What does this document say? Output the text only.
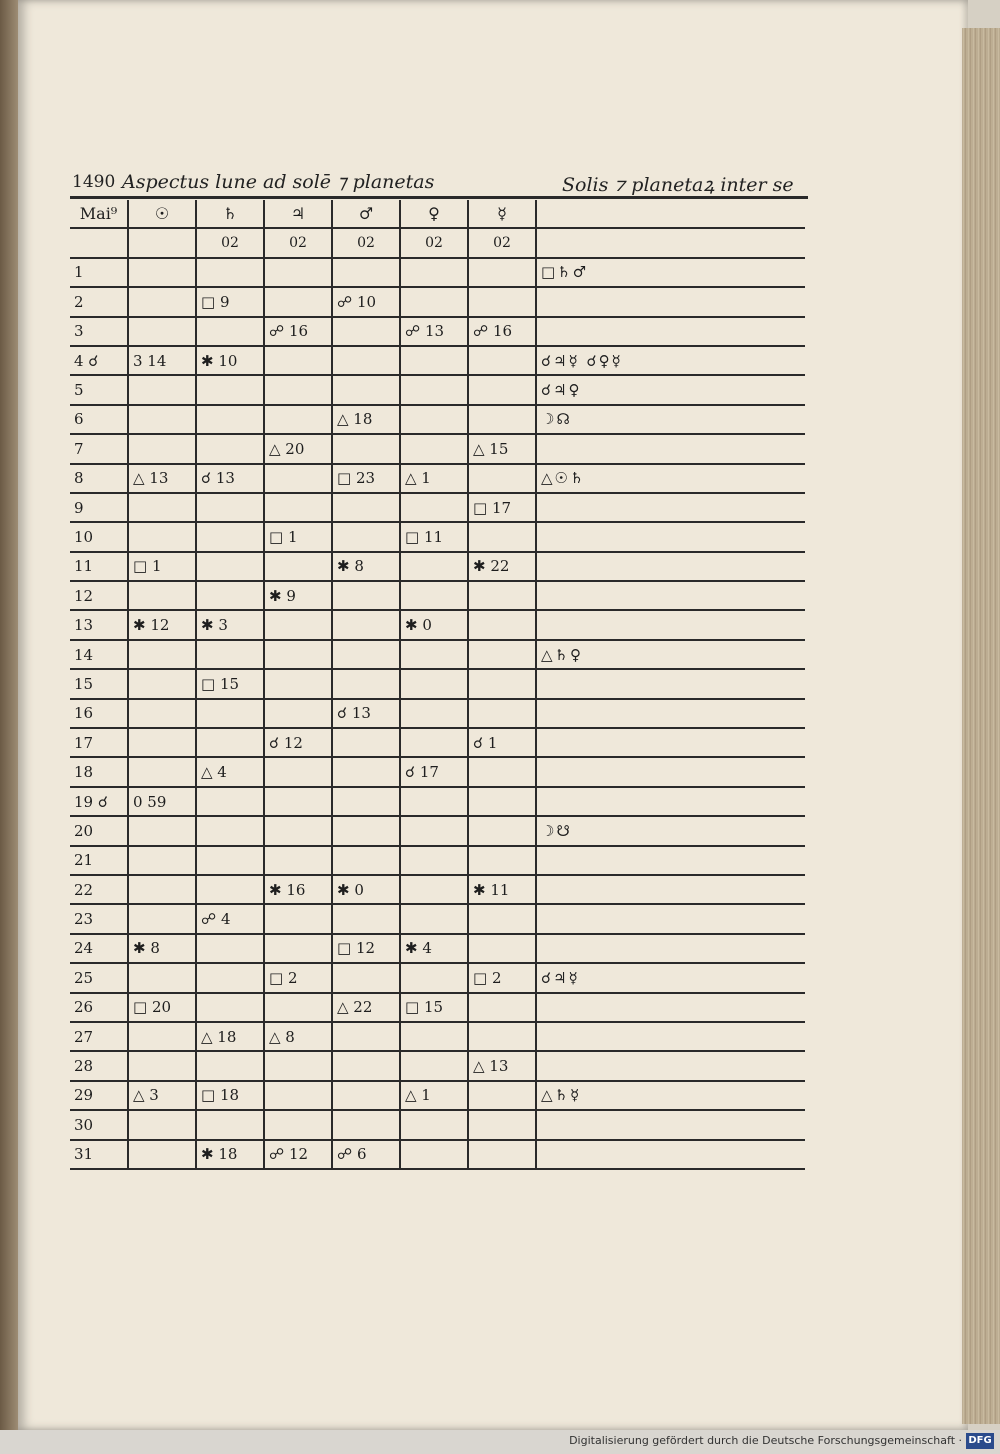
1490 Aspectus lune ad solē ⁊ planetas	Solis ⁊ planetaꝝ inter se
Mai⁹	☉	♄	♃	♂	♀	☿	
		02	02	02	02	02	
1							□♄♂
2		□ 9		☍ 10			
3			☍ 16		☍ 13	☍ 16	
4 ☌	3 14	✱ 10					☌♃☿ ☌♀☿
5							☌♃♀
6				△ 18			☽☊
7			△ 20			△ 15	
8	△ 13	☌ 13		□ 23	△ 1		△☉♄
9						□ 17	
10			□ 1		□ 11		
11	□ 1			✱ 8		✱ 22	
12			✱ 9				
13	✱ 12	✱ 3			✱ 0		
14							△♄♀
15		□ 15					
16				☌ 13			
17			☌ 12			☌ 1	
18		△ 4			☌ 17		
19 ☌	0 59						
20							☽☋
21							
22			✱ 16	✱ 0		✱ 11	
23		☍ 4					
24	✱ 8			□ 12	✱ 4		
25			□ 2			□ 2	☌♃☿
26	□ 20			△ 22	□ 15		
27		△ 18	△ 8				
28						△ 13	
29	△ 3	□ 18			△ 1		△♄☿
30							
31		✱ 18	☍ 12	☍ 6			
Digitalisierung gefördert durch die Deutsche Forschungsgemeinschaft · DFG
